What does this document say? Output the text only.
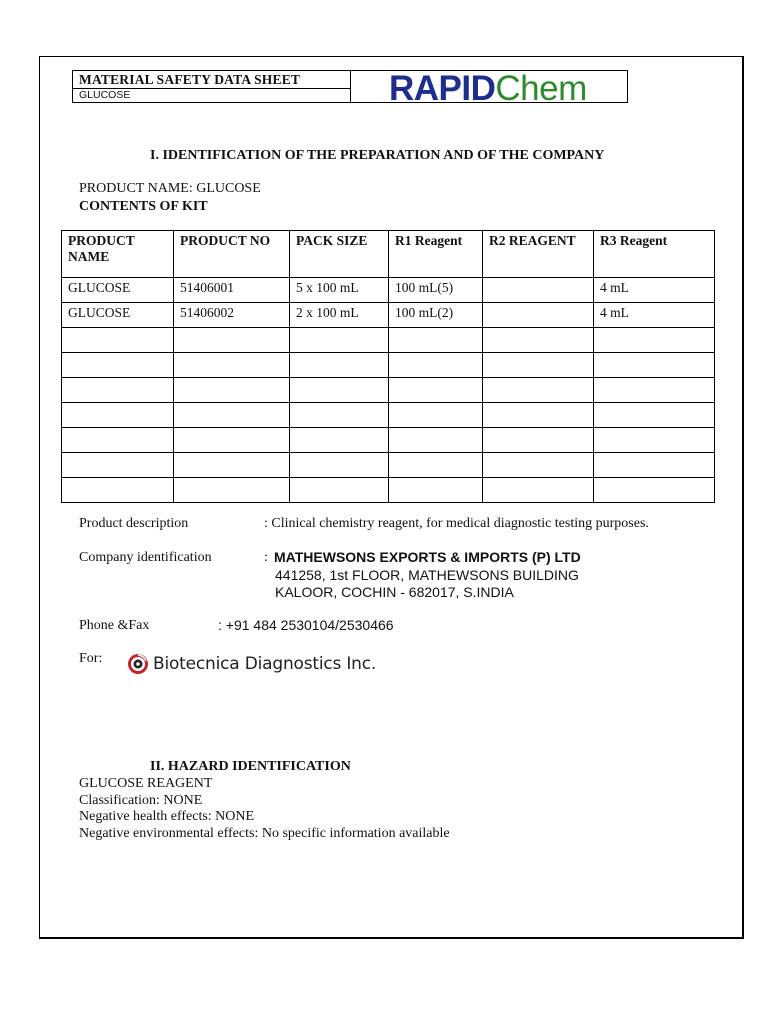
MATERIAL SAFETY DATA SHEET
GLUCOSE	RAPIDChem
I. IDENTIFICATION OF THE PREPARATION AND OF THE COMPANY
PRODUCT NAME: GLUCOSE
CONTENTS OF KIT
PRODUCT NAME	PRODUCT NO	PACK SIZE	R1 Reagent	R2 REAGENT	R3 Reagent
GLUCOSE	51406001	5 x 100 mL	100 mL(5)		4 mL
GLUCOSE	51406002	2 x 100 mL	100 mL(2)		4 mL

Product description	: Clinical chemistry reagent, for medical diagnostic testing purposes.
Company identification	: MATHEWSONS EXPORTS & IMPORTS (P) LTD
441258, 1st FLOOR, MATHEWSONS BUILDING
KALOOR, COCHIN - 682017, S.INDIA
Phone &Fax	: +91 484 2530104/2530466
For:	Biotecnica Diagnostics Inc.
II. HAZARD IDENTIFICATION
GLUCOSE REAGENT
Classification: NONE
Negative health effects: NONE
Negative environmental effects: No specific information available
